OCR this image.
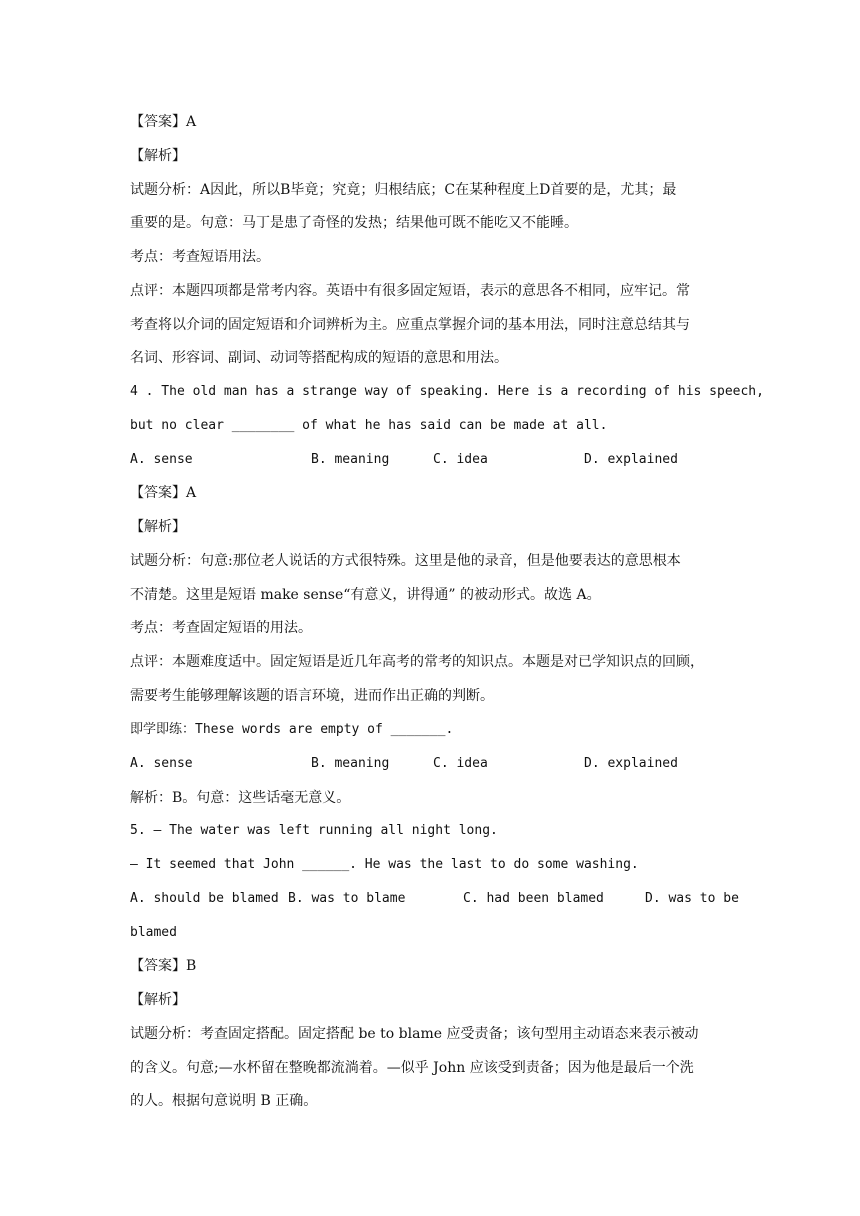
【答案】A
【解析】
试题分析：A因此，所以B毕竟；究竟；归根结底；C在某种程度上D首要的是，尤其；最
重要的是。句意：马丁是患了奇怪的发热；结果他可既不能吃又不能睡。
考点：考查短语用法。
点评：本题四项都是常考内容。英语中有很多固定短语，表示的意思各不相同，应牢记。常
考查将以介词的固定短语和介词辨析为主。应重点掌握介词的基本用法，同时注意总结其与
名词、形容词、副词、动词等搭配构成的短语的意思和用法。
4 . The old man has a strange way of speaking. Here is a recording of his speech,
but no clear ________ of what he has said can be made at all.
A. sense	B. meaning	C. idea	D. explained
【答案】A
【解析】
试题分析：句意:那位老人说话的方式很特殊。这里是他的录音，但是他要表达的意思根本
不清楚。这里是短语 make sense“有意义，讲得通” 的被动形式。故选 A。
考点：考查固定短语的用法。
点评：本题难度适中。固定短语是近几年高考的常考的知识点。本题是对已学知识点的回顾，
需要考生能够理解该题的语言环境，进而作出正确的判断。
即学即练：These words are empty of _______.
A. sense	B. meaning	C. idea	D. explained
解析：B。句意：这些话毫无意义。
5. — The water was left running all night long.
— It seemed that John ______. He was the last to do some washing.
A. should be blamed B. was to blame	C. had been blamed	D. was to be
blamed
【答案】B
【解析】
试题分析：考查固定搭配。固定搭配 be to blame 应受责备；该句型用主动语态来表示被动
的含义。句意;—水杯留在整晚都流淌着。—似乎 John 应该受到责备；因为他是最后一个洗
的人。根据句意说明 B 正确。
